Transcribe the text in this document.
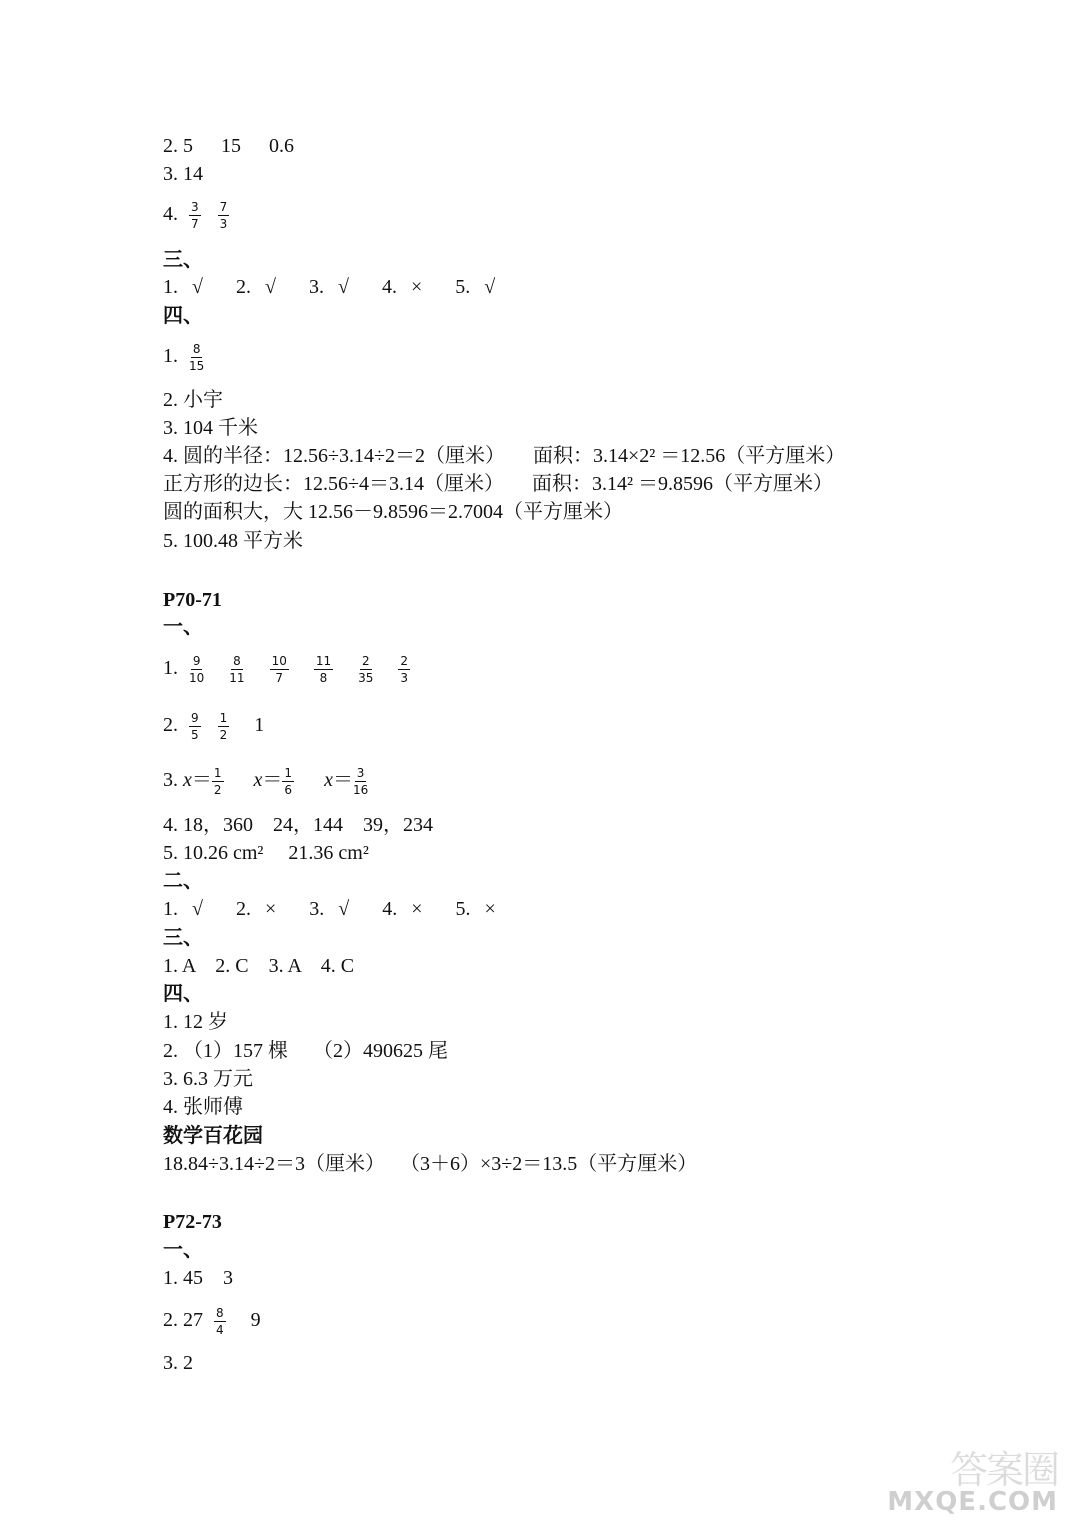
2. 5 15 0.6
3. 14
4. $\frac{3}{7}$
$\frac{7}{3}$
三、
1. √ 2. √ 3. √ 4. × 5. √
四、
1. $\frac{8}{15}$
2. 小宇
3. 104 千米
4. 圆的半径：12.56÷3.14÷2＝2（厘米） 面积：3.14×2² ＝12.56（平方厘米）
正方形的边长：12.56÷4＝3.14（厘米） 面积：3.14² ＝9.8596（平方厘米）
圆的面积大，大 12.56－9.8596＝2.7004（平方厘米）
5. 100.48 平方米
P70-71
一、
1. $\frac{9}{10}$
$\frac{8}{11}$
$\frac{10}{7}$
$\frac{11}{8}$
$\frac{2}{35}$
$\frac{2}{3}$
2. $\frac{9}{5}$
$\frac{1}{2} 1$
3. $x= \frac{1}{2} x= \frac{1}{6} x= \frac{3}{16}$
4. 18，360　24，144　39，234
5. 10.26 cm²　 21.36 cm²
二、
1. √ 2. × 3. √ 4. × 5. ×
三、
1. A　2. C　3. A　4. C
四、
1. 12 岁
2. （1）157 棵　 （2）490625 尾
3. 6.3 万元
4. 张师傅
数学百花园
18.84÷3.14÷2＝3（厘米）　 （3＋6）×3÷2＝13.5（平方厘米）
P72-73
一、
1. 45　3
2. $27 \frac{8}{4} 9$
3. 2
答案圈
MXQE.COM
